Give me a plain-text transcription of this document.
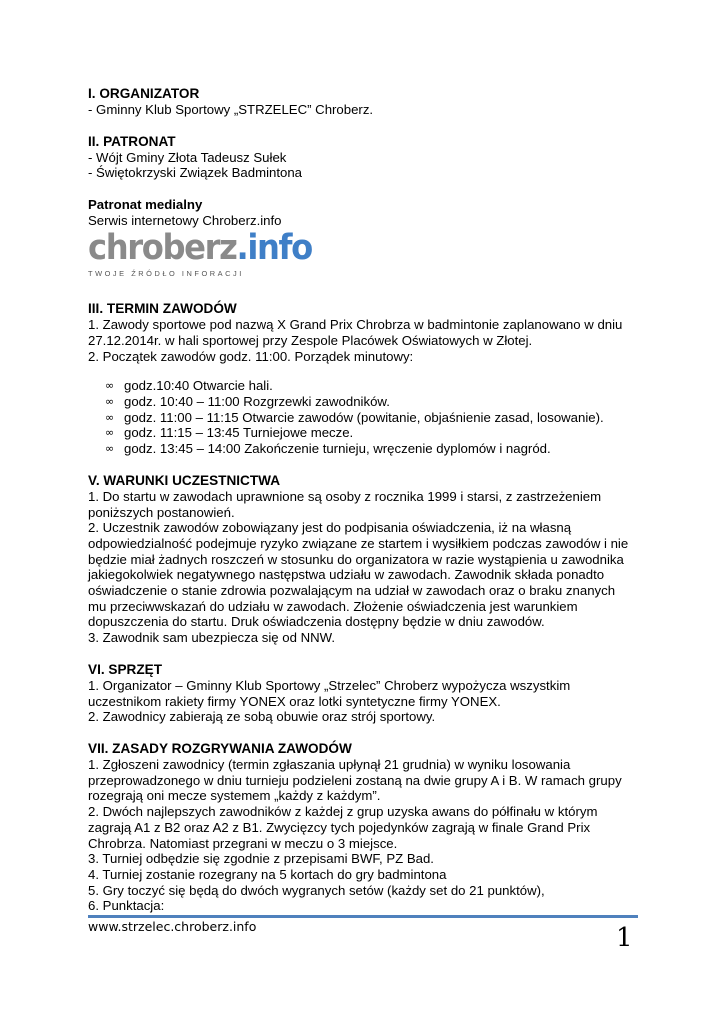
I. ORGANIZATOR

- Gminny Klub Sportowy „STRZELEC” Chroberz.

II. PATRONAT

- Wójt Gminy Złota Tadeusz Sułek

- Świętokrzyski Związek Badmintona

Patronat medialny

Serwis internetowy Chroberz.info

chroberz.info
TWOJE ŹRÓDŁO INFORACJI
III. TERMIN ZAWODÓW

1. Zawody sportowe pod nazwą X Grand Prix Chrobrza w badmintonie zaplanowano w dniu

27.12.2014r. w hali sportowej przy Zespole Placówek Oświatowych w Złotej.

2. Początek zawodów godz. 11:00. Porządek minutowy:

∞ godz.10:40 Otwarcie hali.
∞ godz. 10:40 – 11:00 Rozgrzewki zawodników.
∞ godz. 11:00 – 11:15 Otwarcie zawodów (powitanie, objaśnienie zasad, losowanie).
∞ godz. 11:15 – 13:45 Turniejowe mecze.
∞ godz. 13:45 – 14:00 Zakończenie turnieju, wręczenie dyplomów i nagród.
V. WARUNKI UCZESTNICTWA

1. Do startu w zawodach uprawnione są osoby z rocznika 1999 i starsi, z zastrzeżeniem

poniższych postanowień.

2. Uczestnik zawodów zobowiązany jest do podpisania oświadczenia, iż na własną

odpowiedzialność podejmuje ryzyko związane ze startem i wysiłkiem podczas zawodów i nie

będzie miał żadnych roszczeń w stosunku do organizatora w razie wystąpienia u zawodnika

jakiegokolwiek negatywnego następstwa udziału w zawodach. Zawodnik składa ponadto

oświadczenie o stanie zdrowia pozwalającym na udział w zawodach oraz o braku znanych

mu przeciwwskazań do udziału w zawodach. Złożenie oświadczenia jest warunkiem

dopuszczenia do startu. Druk oświadczenia dostępny będzie w dniu zawodów.

3. Zawodnik sam ubezpiecza się od NNW.

VI. SPRZĘT

1. Organizator – Gminny Klub Sportowy „Strzelec” Chroberz wypożycza wszystkim

uczestnikom rakiety firmy YONEX oraz lotki syntetyczne firmy YONEX.

2. Zawodnicy zabierają ze sobą obuwie oraz strój sportowy.

VII. ZASADY ROZGRYWANIA ZAWODÓW

1. Zgłoszeni zawodnicy (termin zgłaszania upłynął 21 grudnia) w wyniku losowania

przeprowadzonego w dniu turnieju podzieleni zostaną na dwie grupy A i B. W ramach grupy

rozegrają oni mecze systemem „każdy z każdym”.

2. Dwóch najlepszych zawodników z każdej z grup uzyska awans do półfinału w którym

zagrają A1 z B2 oraz A2 z B1. Zwycięzcy tych pojedynków zagrają w finale Grand Prix

Chrobrza. Natomiast przegrani w meczu o 3 miejsce.

3. Turniej odbędzie się zgodnie z przepisami BWF, PZ Bad.

4. Turniej zostanie rozegrany na 5 kortach do gry badmintona

5. Gry toczyć się będą do dwóch wygranych setów (każdy set do 21 punktów),

6. Punktacja:

www.strzelec.chroberz.info	1
